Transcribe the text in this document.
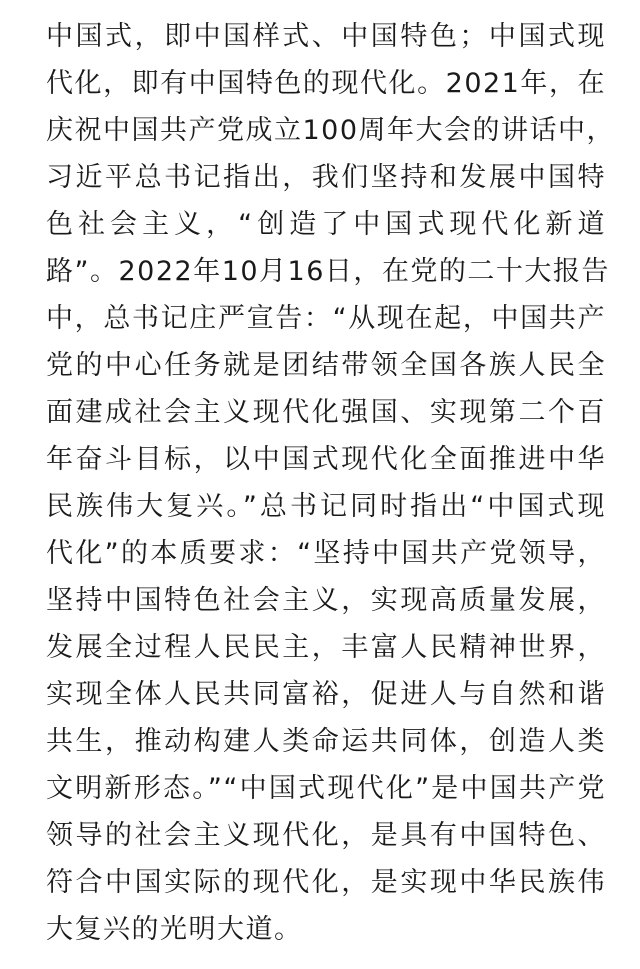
中国式，即中国样式、中国特色；中国式现
代化，即有中国特色的现代化。2021年，在
庆祝中国共产党成立100周年大会的讲话中，
习近平总书记指出，我们坚持和发展中国特
色社会主义，“创造了中国式现代化新道
路”。2022年10月16日，在党的二十大报告
中，总书记庄严宣告：“从现在起，中国共产
党的中心任务就是团结带领全国各族人民全
面建成社会主义现代化强国、实现第二个百
年奋斗目标，以中国式现代化全面推进中华
民族伟大复兴。”总书记同时指出“中国式现
代化”的本质要求：“坚持中国共产党领导，
坚持中国特色社会主义，实现高质量发展，
发展全过程人民民主，丰富人民精神世界，
实现全体人民共同富裕，促进人与自然和谐
共生，推动构建人类命运共同体，创造人类
文明新形态。”“中国式现代化”是中国共产党
领导的社会主义现代化，是具有中国特色、
符合中国实际的现代化，是实现中华民族伟
大复兴的光明大道。
